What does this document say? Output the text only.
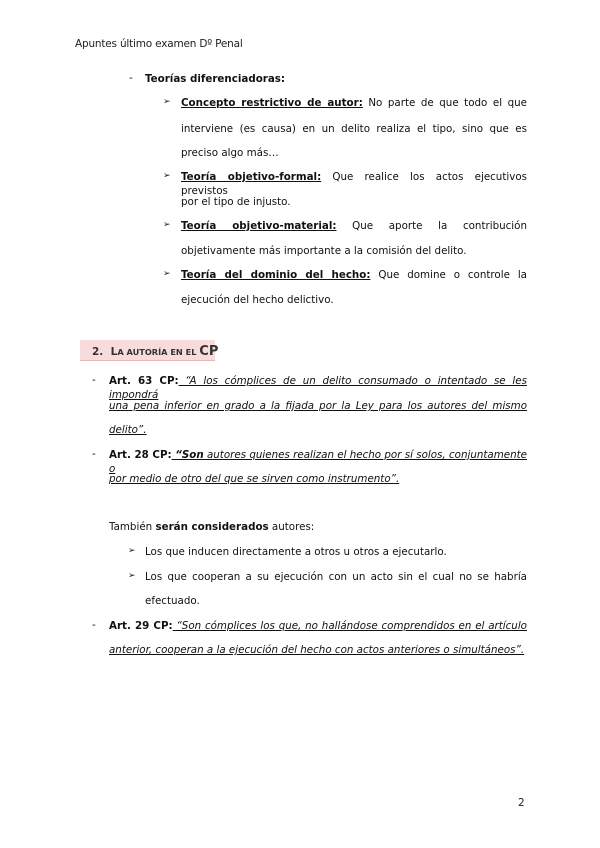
Apuntes último examen Dº Penal
- Teorías diferenciadoras:
➢ Concepto restrictivo de autor: No parte de que todo el que
interviene (es causa) en un delito realiza el tipo, sino que es
preciso algo más…
➢ Teoría objetivo-formal: Que realice los actos ejecutivos previstos
por el tipo de injusto.
➢ Teoría objetivo-material: Que aporte la contribución
objetivamente más importante a la comisión del delito.
➢ Teoría del dominio del hecho: Que domine o controle la
ejecución del hecho delictivo.
2. LA AUTORÍA EN EL CP
- Art. 63 CP: “A los cómplices de un delito consumado o intentado se les impondrá
una pena inferior en grado a la fijada por la Ley para los autores del mismo
delito”.
- Art. 28 CP: “Son autores quienes realizan el hecho por sí solos, conjuntamente o
por medio de otro del que se sirven como instrumento”.
También serán considerados autores:
➢ Los que inducen directamente a otros u otros a ejecutarlo.
➢ Los que cooperan a su ejecución con un acto sin el cual no se habría
efectuado.
- Art. 29 CP: “Son cómplices los que, no hallándose comprendidos en el artículo
anterior, cooperan a la ejecución del hecho con actos anteriores o simultáneos”.
2
